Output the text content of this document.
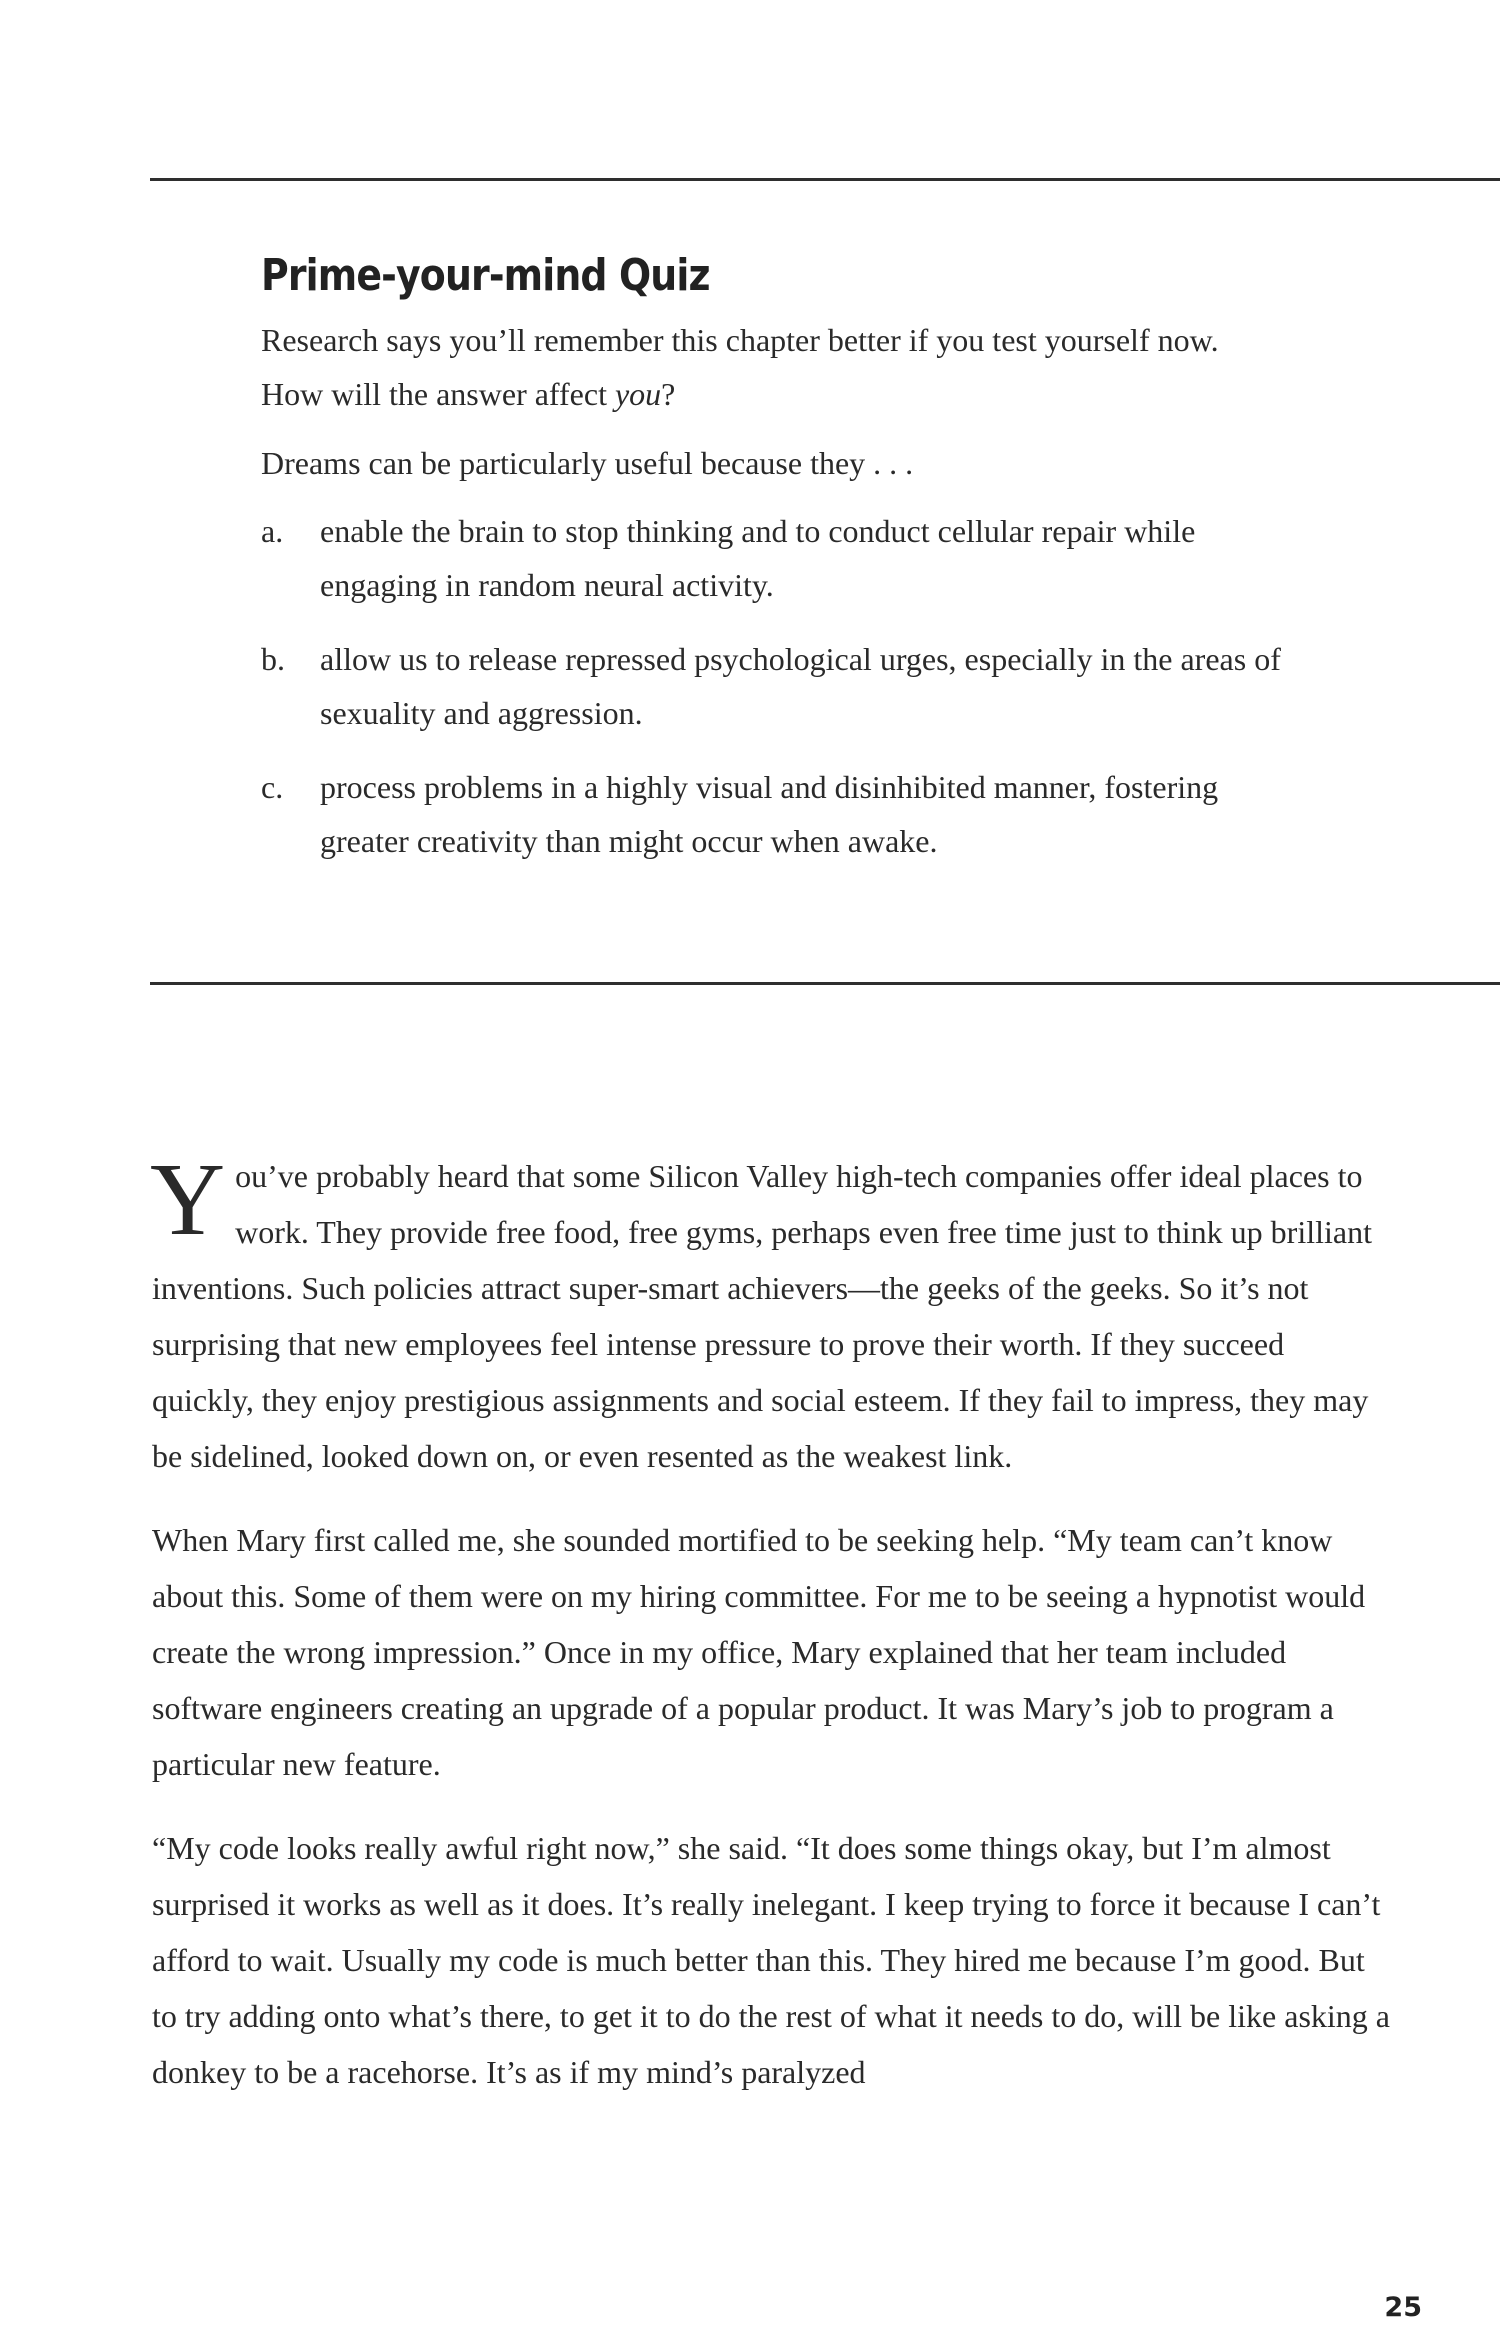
Prime-your-mind Quiz

Research says you’ll remember this chapter better if you test yourself now. How will the answer affect you?

Dreams can be particularly useful because they . . .

a.	enable the brain to stop thinking and to conduct cellular repair while engaging in random neural activity.
b.	allow us to release repressed psychological urges, especially in the areas of sexuality and aggression.
c.	process problems in a highly visual and disinhibited manner, fostering greater creativity than might occur when awake.

You’ve probably heard that some Silicon Valley high-tech companies offer ideal places to work. They provide free food, free gyms, perhaps even free time just to think up brilliant inventions. Such policies attract super-smart achievers—the geeks of the geeks. So it’s not surprising that new employees feel intense pressure to prove their worth. If they succeed quickly, they enjoy prestigious assignments and social esteem. If they fail to impress, they may be sidelined, looked down on, or even resented as the weakest link.

When Mary first called me, she sounded mortified to be seeking help. “My team can’t know about this. Some of them were on my hiring committee. For me to be seeing a hypnotist would create the wrong impression.” Once in my office, Mary explained that her team included software engineers creating an upgrade of a popular product. It was Mary’s job to program a particular new feature.

“My code looks really awful right now,” she said. “It does some things okay, but I’m almost surprised it works as well as it does. It’s really inelegant. I keep trying to force it because I can’t afford to wait. Usually my code is much better than this. They hired me because I’m good. But to try adding onto what’s there, to get it to do the rest of what it needs to do, will be like asking a donkey to be a racehorse. It’s as if my mind’s paralyzed

25
